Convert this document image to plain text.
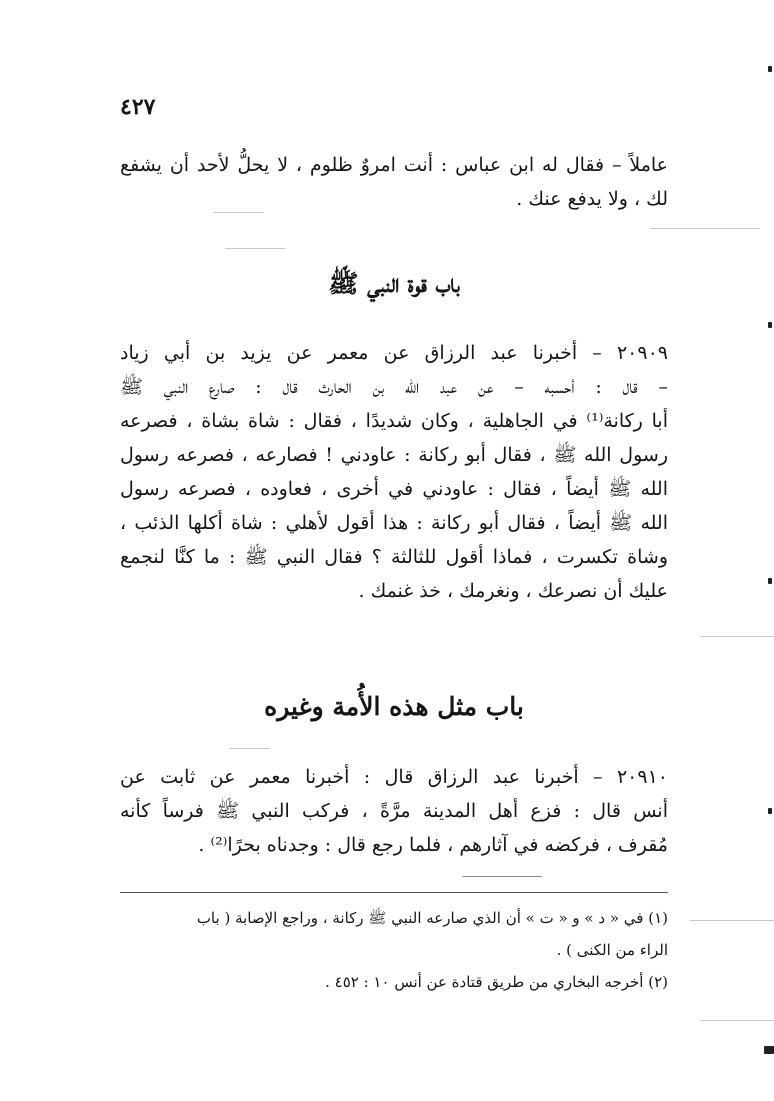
٤٢٧
عاملاً – فقال له ابن عباس : أنت امروٌ ظلوم ، لا يحلُّ لأحد أن يشفع
لك ، ولا يدفع عنك .
باب قوة النبي ﷺ
٢٠٩٠٩ – أخبرنا عبد الرزاق عن معمر عن يزيد بن أبي زياد
– قال : أحسبه – عن عبد الله بن الحارث قال : صارع النبي ﷺ
أبا ركانة⁽¹⁾ في الجاهلية ، وكان شديدًا ، فقال : شاة بشاة ، فصرعه
رسول الله ﷺ ، فقال أبو ركانة : عاودني ! فصارعه ، فصرعه رسول
الله ﷺ أيضاً ، فقال : عاودني في أخرى ، فعاوده ، فصرعه رسول
الله ﷺ أيضاً ، فقال أبو ركانة : هذا أقول لأهلي : شاة أكلها الذئب ،
وشاة تكسرت ، فماذا أقول للثالثة ؟ فقال النبي ﷺ : ما كنَّا لنجمع
عليك أن نصرعك ، ونغرمك ، خذ غنمك .
باب مثل هذه الأُمة وغيره
٢٠٩١٠ – أخبرنا عبد الرزاق قال : أخبرنا معمر عن ثابت عن
أنس قال : فزع أهل المدينة مرَّةً ، فركب النبي ﷺ فرساً كأنه
مُقرف ، فركضه في آثارهم ، فلما رجع قال : وجدناه بحرًا⁽²⁾ .
(١) في « د » و « ت » أن الذي صارعه النبي ﷺ ركانة ، وراجع الإصابة ( باب
الراء من الكنى ) .
(٢) أخرجه البخاري من طريق قتادة عن أنس ١٠ : ٤٥٢ .
